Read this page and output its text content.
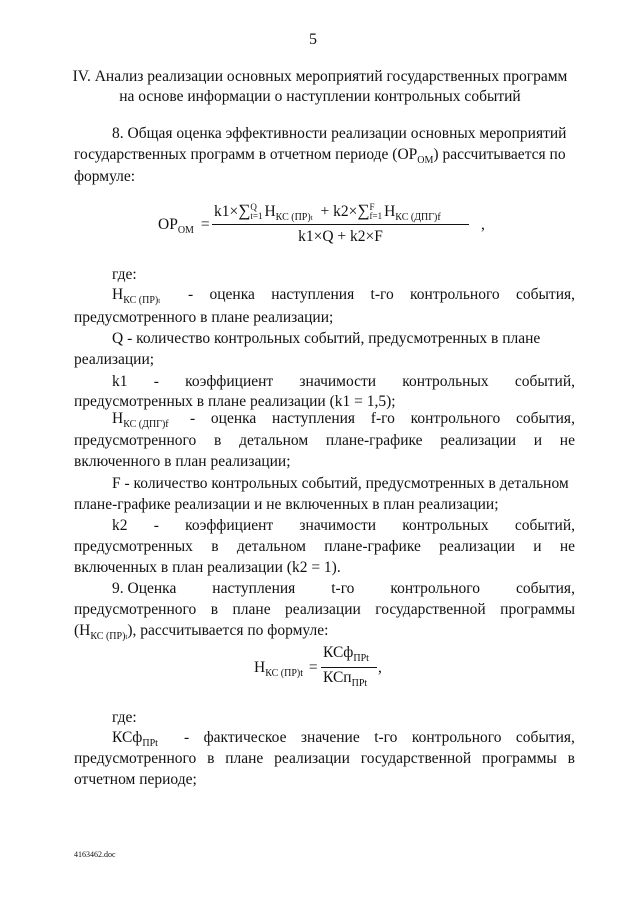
5
IV. Анализ реализации основных мероприятий государственных программ
на основе информации о наступлении контрольных событий
8. Общая оценка эффективности реализации основных мероприятий
государственных программ в отчетном периоде $(ОР_{ОМ})$ рассчитывается по
формуле:
$ОР_{ОМ}$ =
k1×∑ Q
t=1 $Н_{КС (ПР)t} + k2\times\sum$ F
f=1 $Н_{КС (ДПГ)f}$
k1×Q + k2×F
,
где:
$Н_{КС (ПР)t}$ - оценка наступления t-го контрольного события,
предусмотренного в плане реализации;
Q - количество контрольных событий, предусмотренных в плане
реализации;
k1 - коэффициент значимости контрольных событий,
предусмотренных в плане реализации (k1 = 1,5);
$Н_{КС (ДПГ)f}$ - оценка наступления f-го контрольного события,
предусмотренного в детальном плане-графике реализации и не
включенного в план реализации;
F - количество контрольных событий, предусмотренных в детальном
плане-графике реализации и не включенных в план реализации;
k2 - коэффициент значимости контрольных событий,
предусмотренных в детальном плане-графике реализации и не
включенных в план реализации (k2 = 1).
9. Оценка наступления t-го контрольного события,
предусмотренного в плане реализации государственной программы
$(Н_{КС (ПР)t})$, рассчитывается по формуле:
$Н_{КС (ПР)t}$ =
КСф$_{ПРt}$
КСп$_{ПРt}$
,
где:
КСф$_{ПРt}$ - фактическое значение t-го контрольного события,
предусмотренного в плане реализации государственной программы в
отчетном периоде;
4163462.doc
